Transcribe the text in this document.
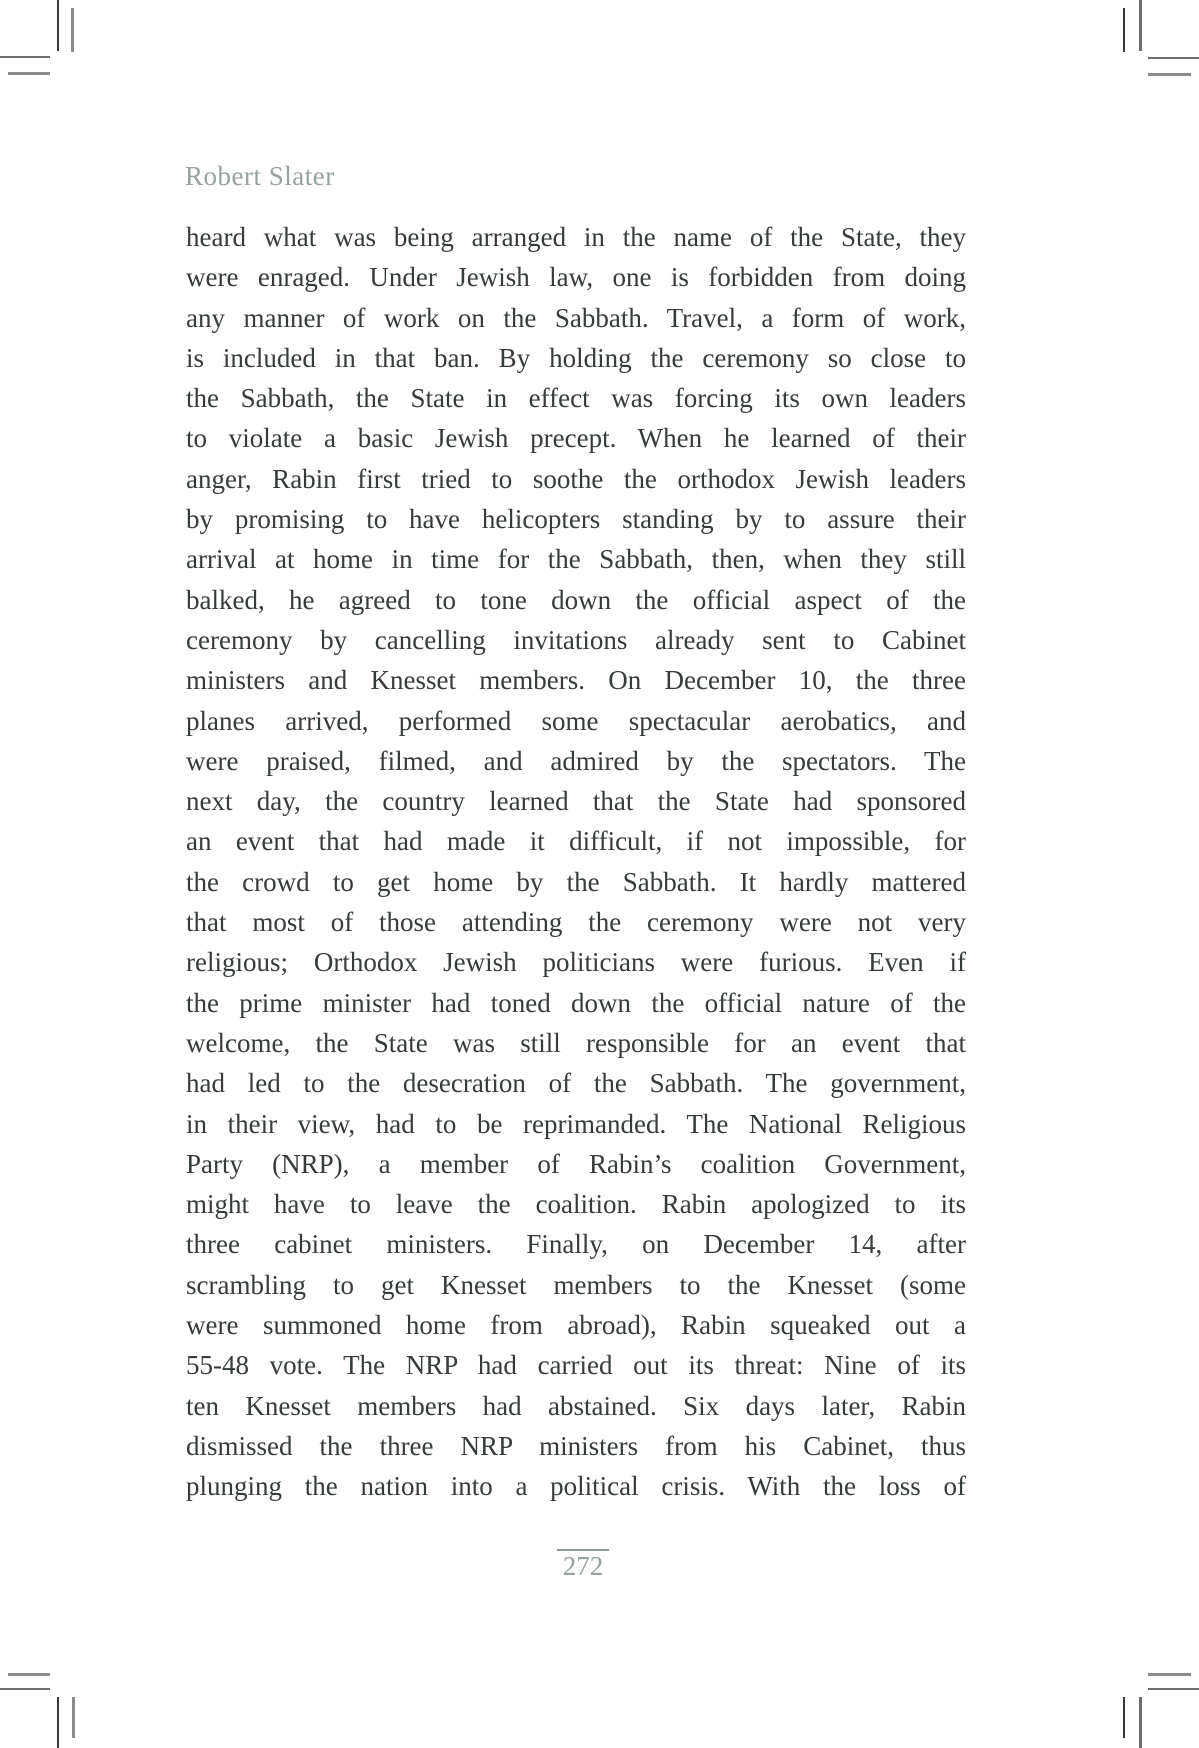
Robert Slater
heard what was being arranged in the name of the State, they
were enraged. Under Jewish law, one is forbidden from doing
any manner of work on the Sabbath. Travel, a form of work,
is included in that ban. By holding the ceremony so close to
the Sabbath, the State in effect was forcing its own leaders
to violate a basic Jewish precept. When he learned of their
anger, Rabin first tried to soothe the orthodox Jewish leaders
by promising to have helicopters standing by to assure their
arrival at home in time for the Sabbath, then, when they still
balked, he agreed to tone down the official aspect of the
ceremony by cancelling invitations already sent to Cabinet
ministers and Knesset members. On December 10, the three
planes arrived, performed some spectacular aerobatics, and
were praised, filmed, and admired by the spectators. The
next day, the country learned that the State had sponsored
an event that had made it difficult, if not impossible, for
the crowd to get home by the Sabbath. It hardly mattered
that most of those attending the ceremony were not very
religious; Orthodox Jewish politicians were furious. Even if
the prime minister had toned down the official nature of the
welcome, the State was still responsible for an event that
had led to the desecration of the Sabbath. The government,
in their view, had to be reprimanded. The National Religious
Party (NRP), a member of Rabin’s coalition Government,
might have to leave the coalition. Rabin apologized to its
three cabinet ministers. Finally, on December 14, after
scrambling to get Knesset members to the Knesset (some
were summoned home from abroad), Rabin squeaked out a
55-48 vote. The NRP had carried out its threat: Nine of its
ten Knesset members had abstained. Six days later, Rabin
dismissed the three NRP ministers from his Cabinet, thus
plunging the nation into a political crisis. With the loss of
272
